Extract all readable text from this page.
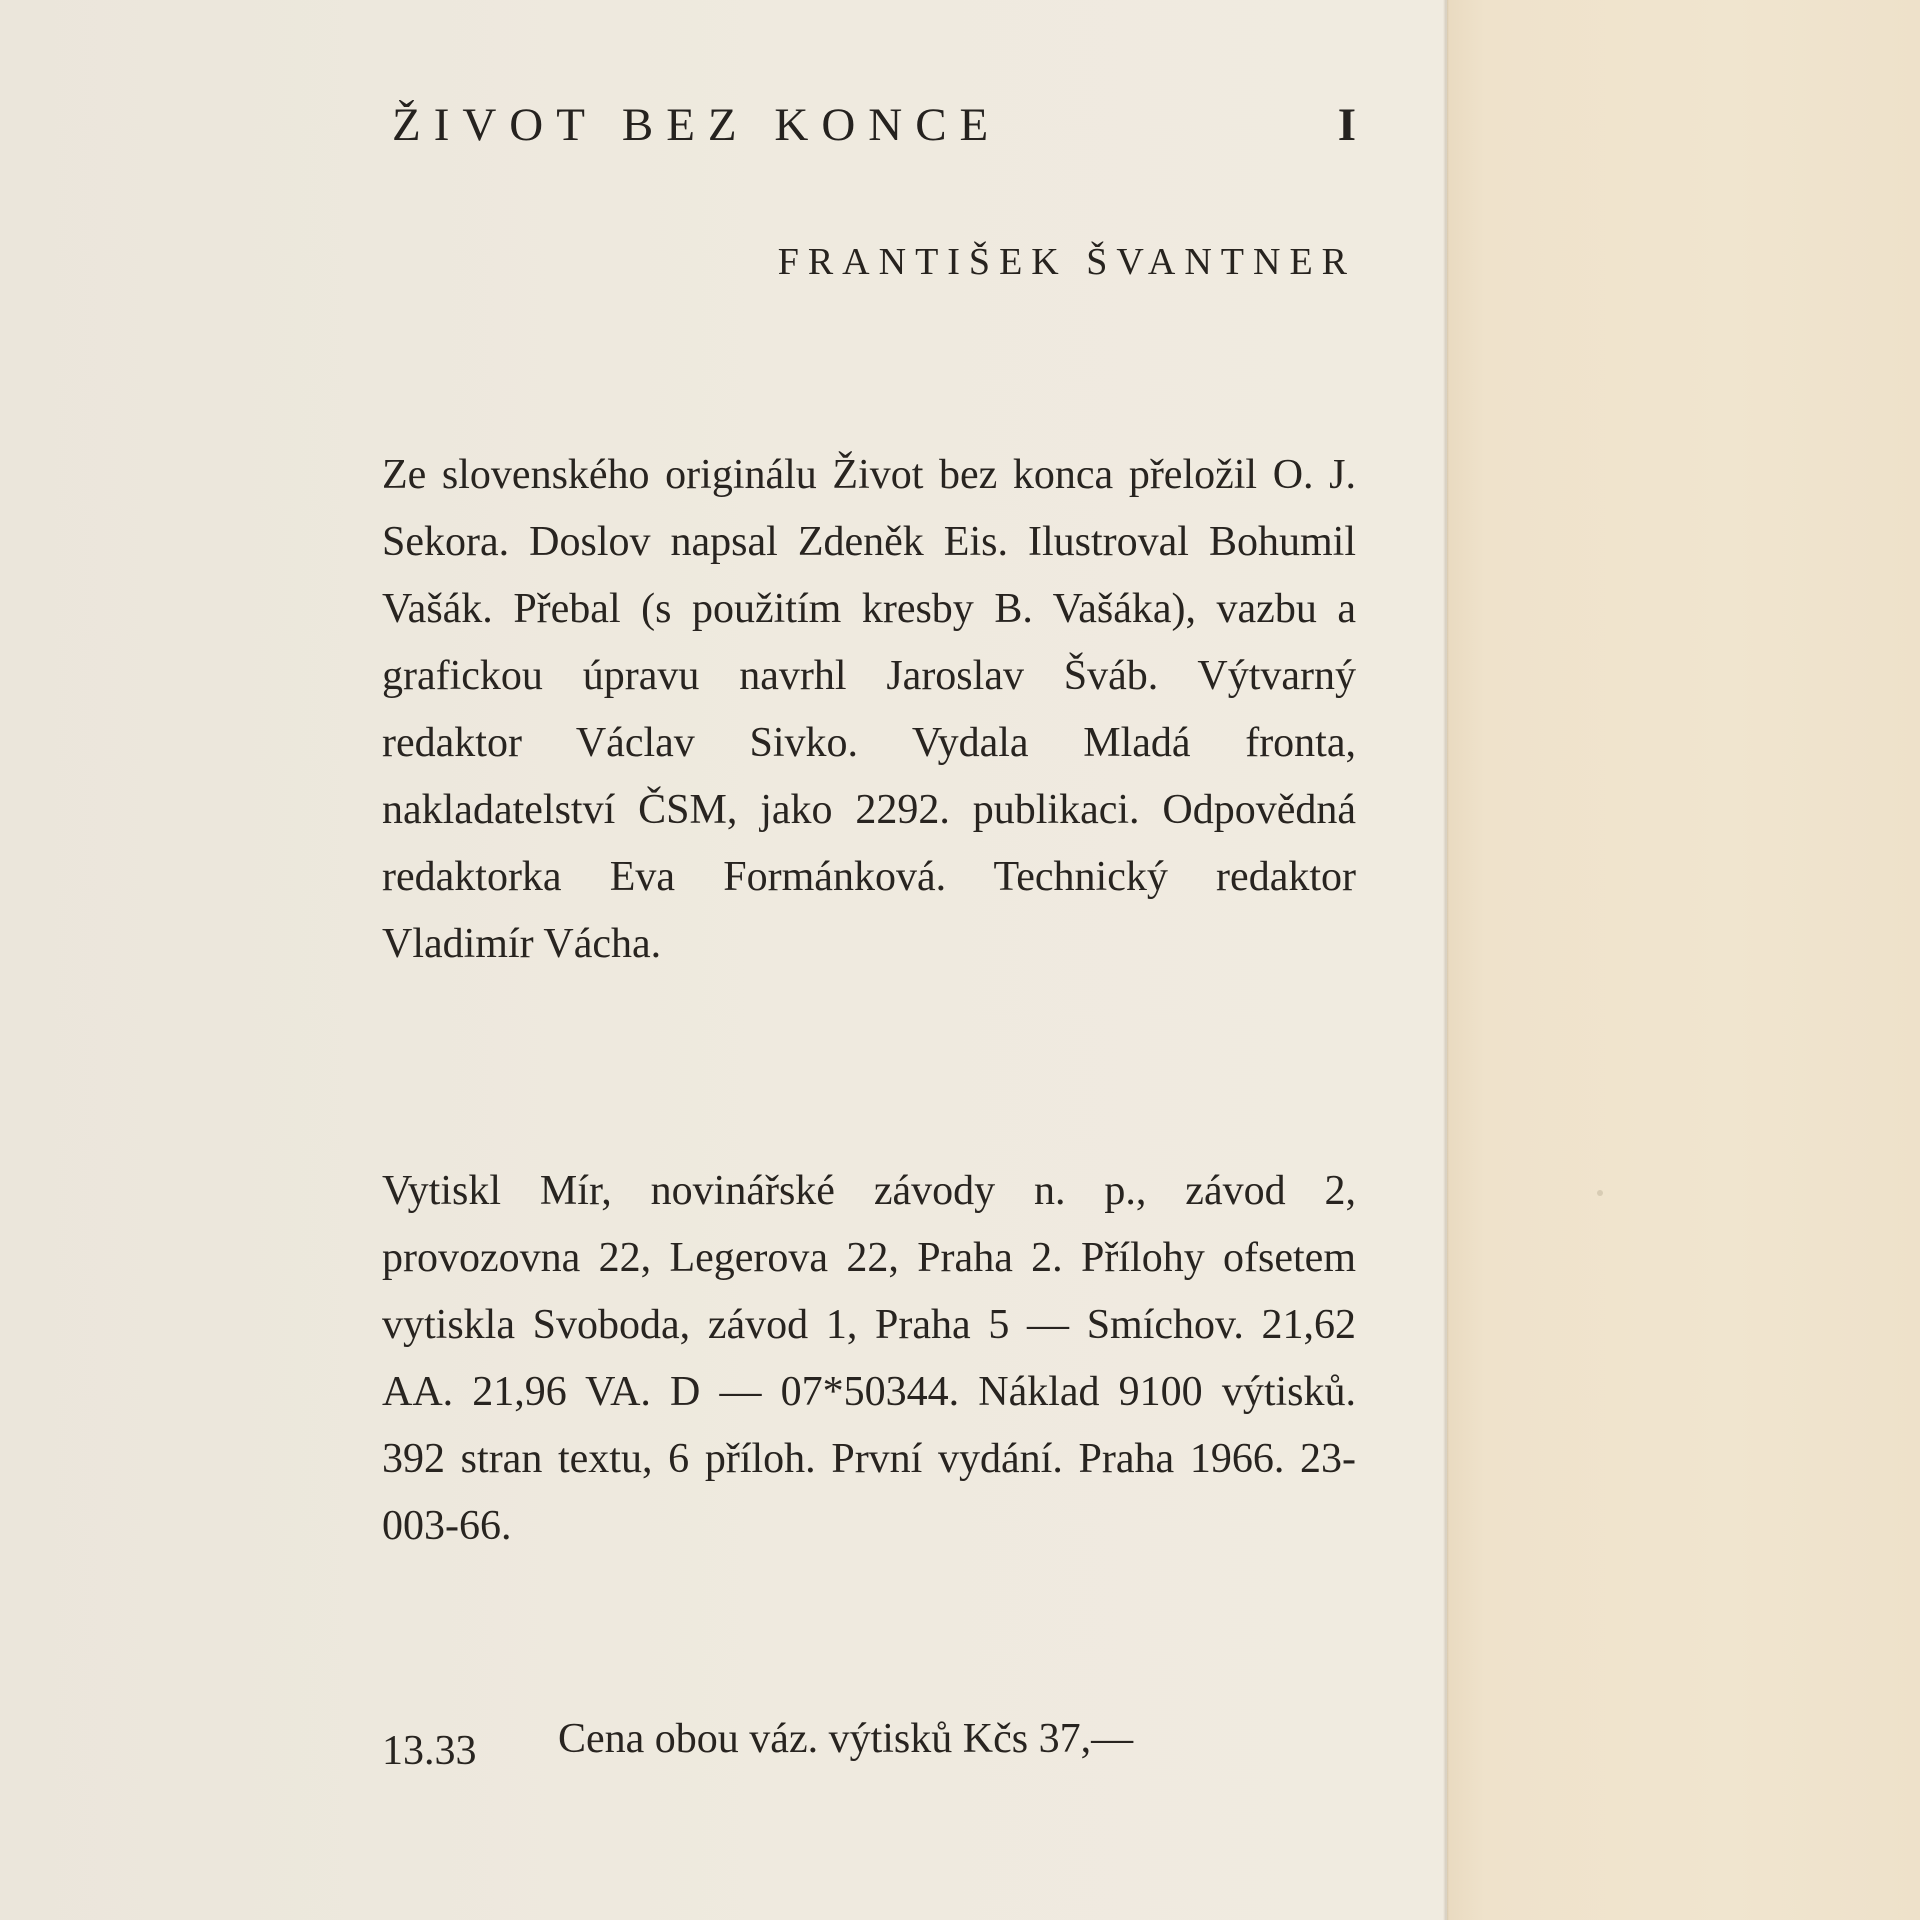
ŽIVOT BEZ KONCE	I
FRANTIŠEK ŠVANTNER

Ze slovenského originálu Život bez konca přeložil O. J. Sekora. Doslov napsal Zdeněk Eis. Ilustroval Bohumil Vašák. Přebal (s použitím kresby B. Vašáka), vazbu a grafickou úpravu navrhl Jaroslav Šváb. Výtvarný redaktor Václav Sivko. Vydala Mladá fronta, nakladatelství ČSM, jako 2292. publikaci. Odpovědná redaktorka Eva Formánková. Technický redaktor Vladimír Vácha.

Vytiskl Mír, novinářské závody n. p., závod 2, provozovna 22, Legerova 22, Praha 2. Přílohy ofsetem vytiskla Svoboda, závod 1, Praha 5 — Smíchov. 21,62 AA. 21,96 VA. D — 07*50344. Náklad 9100 výtisků. 392 stran textu, 6 příloh. První vydání. Praha 1966. 23-003-66.

13.33 Cena obou váz. výtisků Kčs 37,—
